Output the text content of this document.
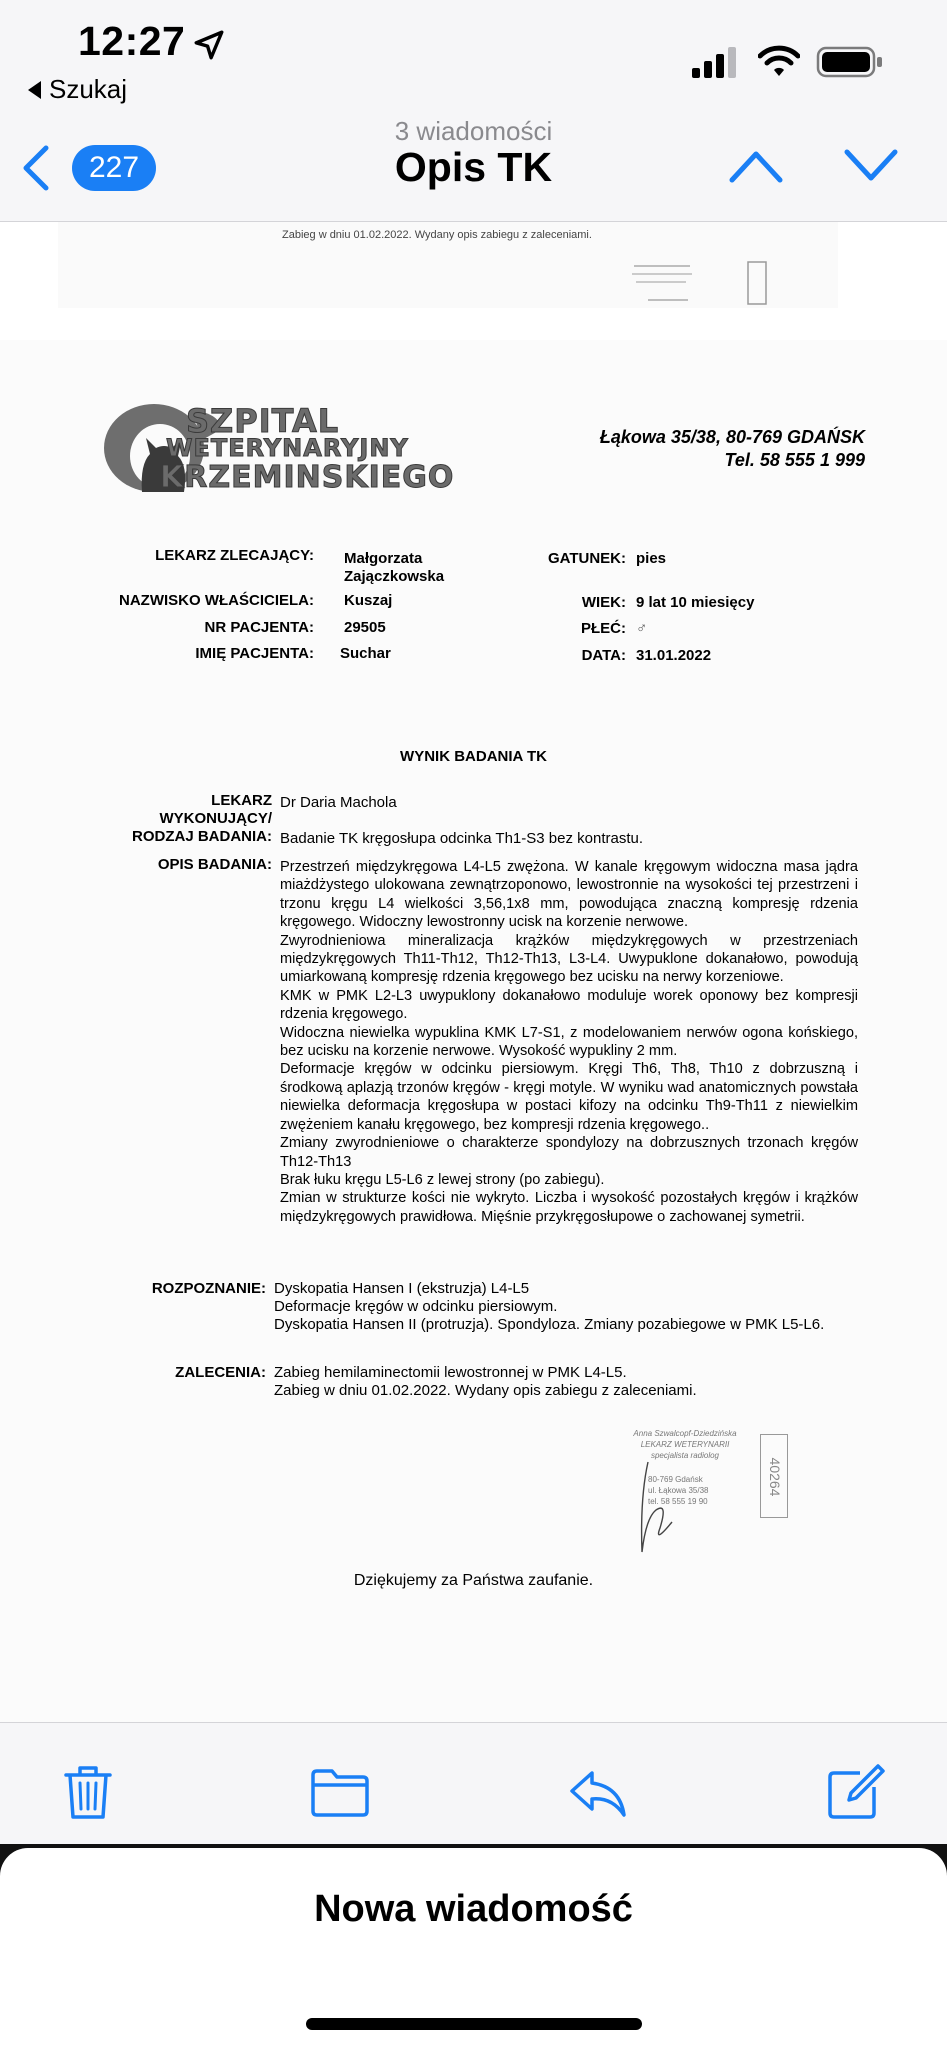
12:27
Szukaj
227
3 wiadomości
Opis TK
Zabieg w dniu 01.02.2022. Wydany opis zabiegu z zaleceniami.
SZPITAL
WETERYNARYJNY
KRZEMINSKIEGO
Łąkowa 35/38, 80-769 GDAŃSK
Tel. 58 555 1 999
LEKARZ ZLECAJĄCY: Małgorzata
Zajączkowska
NAZWISKO WŁAŚCICIELA: Kuszaj
NR PACJENTA: 29505
IMIĘ PACJENTA: Suchar
GATUNEK: pies
WIEK: 9 lat 10 miesięcy
PŁEĆ: ♂
DATA: 31.01.2022
WYNIK BADANIA TK
LEKARZ
WYKONUJĄCY/
Dr Daria Machola
RODZAJ BADANIA: Badanie TK kręgosłupa odcinka Th1-S3 bez kontrastu.
OPIS BADANIA: Przestrzeń międzykręgowa L4-L5 zwężona. W kanale kręgowym widoczna masa jądra miażdżystego ulokowana zewnątrzoponowo, lewostronnie na wysokości tej przestrzeni i trzonu kręgu L4 wielkości 3,56,1x8 mm, powodująca znaczną kompresję rdzenia kręgowego. Widoczny lewostronny ucisk na korzenie nerwowe.

Zwyrodnieniowa mineralizacja krążków międzykręgowych w przestrzeniach międzykręgowych Th11-Th12, Th12-Th13, L3-L4. Uwypuklone dokanałowo, powodują umiarkowaną kompresję rdzenia kręgowego bez ucisku na nerwy korzeniowe.

KMK w PMK L2-L3 uwypuklony dokanałowo moduluje worek oponowy bez kompresji rdzenia kręgowego.

Widoczna niewielka wypuklina KMK L7-S1, z modelowaniem nerwów ogona końskiego, bez ucisku na korzenie nerwowe. Wysokość wypukliny 2 mm.

Deformacje kręgów w odcinku piersiowym. Kręgi Th6, Th8, Th10 z dobrzuszną i środkową aplazją trzonów kręgów - kręgi motyle. W wyniku wad anatomicznych powstała niewielka deformacja kręgosłupa w postaci kifozy na odcinku Th9-Th11 z niewielkim zwężeniem kanału kręgowego, bez kompresji rdzenia kręgowego..

Zmiany zwyrodnieniowe o charakterze spondylozy na dobrzusznych trzonach kręgów Th12-Th13

Brak łuku kręgu L5-L6 z lewej strony (po zabiegu).

Zmian w strukturze kości nie wykryto. Liczba i wysokość pozostałych kręgów i krążków międzykręgowych prawidłowa. Mięśnie przykręgosłupowe o zachowanej symetrii.

ROZPOZNANIE: Dyskopatia Hansen I (ekstruzja) L4-L5
Deformacje kręgów w odcinku piersiowym.
Dyskopatia Hansen II (protruzja). Spondyloza. Zmiany pozabiegowe w PMK L5-L6.
ZALECENIA: Zabieg hemilaminectomii lewostronnej w PMK L4-L5.
Zabieg w dniu 01.02.2022. Wydany opis zabiegu z zaleceniami.
Anna Szwalcopf-Dziedzińska
LEKARZ WETERYNARII
specjalista radiolog
80-769 Gdańsk
ul. Łąkowa 35/38
tel. 58 555 19 90
40264
Dziękujemy za Państwa zaufanie.
Nowa wiadomość
